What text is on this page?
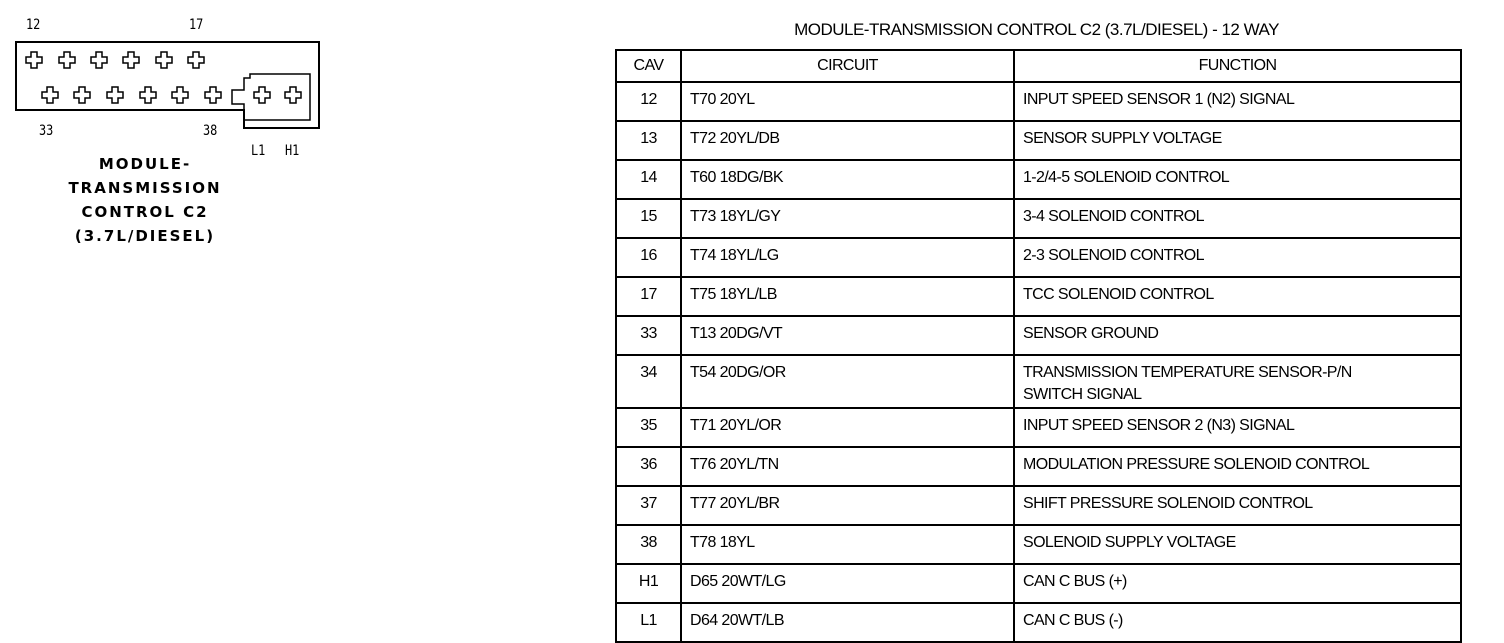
12	17
33	38
L1 H1
MODULE-
TRANSMISSION
CONTROL C2
(3.7L/DIESEL)
MODULE-TRANSMISSION CONTROL C2 (3.7L/DIESEL) - 12 WAY
CAV	CIRCUIT	FUNCTION
12	T70 20YL	INPUT SPEED SENSOR 1 (N2) SIGNAL
13	T72 20YL/DB	SENSOR SUPPLY VOLTAGE
14	T60 18DG/BK	1-2/4-5 SOLENOID CONTROL
15	T73 18YL/GY	3-4 SOLENOID CONTROL
16	T74 18YL/LG	2-3 SOLENOID CONTROL
17	T75 18YL/LB	TCC SOLENOID CONTROL
33	T13 20DG/VT	SENSOR GROUND
34	T54 20DG/OR	TRANSMISSION TEMPERATURE SENSOR-P/N
SWITCH SIGNAL

35	T71 20YL/OR	INPUT SPEED SENSOR 2 (N3) SIGNAL
36	T76 20YL/TN	MODULATION PRESSURE SOLENOID CONTROL
37	T77 20YL/BR	SHIFT PRESSURE SOLENOID CONTROL
38	T78 18YL	SOLENOID SUPPLY VOLTAGE
H1	D65 20WT/LG	CAN C BUS (+)
L1	D64 20WT/LB	CAN C BUS (-)
